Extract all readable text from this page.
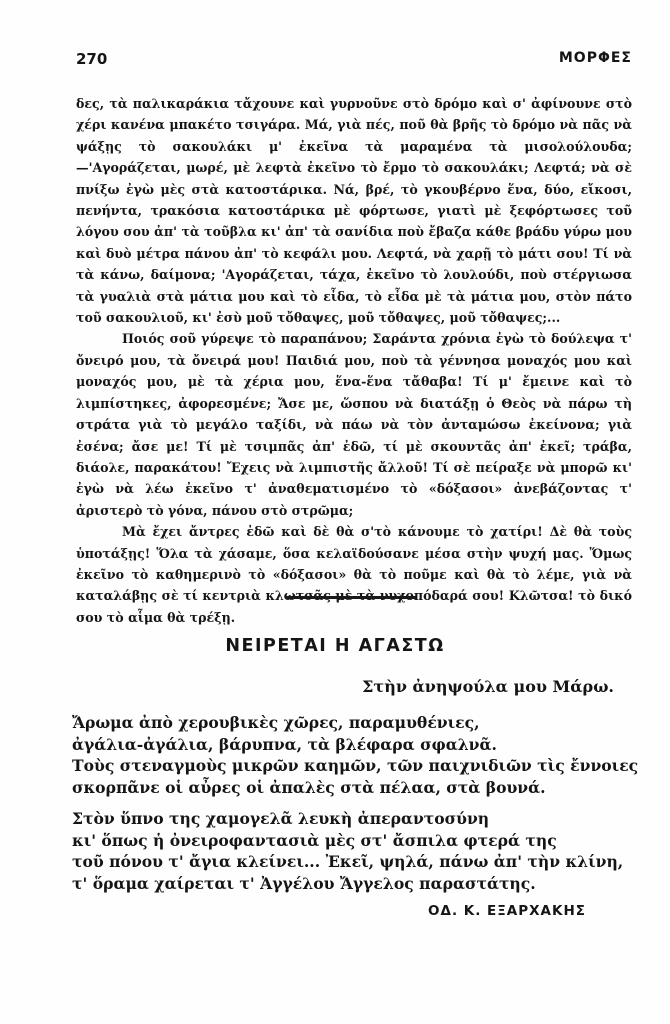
270	ΜΟΡΦΕΣ

δες, τὰ παλικαράκια τἄχουνε καὶ γυρνοῦνε στὸ δρόμο καὶ σ' ἀφίνουνε στὸ χέρι κανένα μπακέτο τσιγάρα. Μά, γιὰ πές, ποῦ θὰ βρῆς τὸ δρόμο νὰ πᾶς νὰ ψάξῃς τὸ σακουλάκι μ' ἐκεῖνα τὰ μαραμένα τὰ μισολούλουδα;—'Αγοράζεται, μωρέ, μὲ λεφτὰ ἐκεῖνο τὸ ἔρμο τὸ σακουλάκι; Λεφτά; νὰ σὲ πνίξω ἐγὼ μὲς στὰ κατοστάρικα. Νά, βρέ, τὸ γκουβέρνο ἕνα, δύο, εἴκοσι, πενήντα, τρακόσια κατοστάρικα μὲ φόρτωσε, γιατὶ μὲ ξεφόρτωσες τοῦ λόγου σου ἀπ' τὰ τοῦβλα κι' ἀπ' τὰ σανίδια ποὺ ἔβαζα κάθε βράδυ γύρω μου καὶ δυὸ μέτρα πάνου ἀπ' τὸ κεφάλι μου. Λεφτά, νὰ χαρῇ τὸ μάτι σου! Τί νὰ τὰ κάνω, δαίμονα; 'Αγοράζεται, τάχα, ἐκεῖνο τὸ λουλούδι, ποὺ στέργιωσα τὰ γυαλιὰ στὰ μάτια μου καὶ τὸ εἶδα, τὸ εἶδα μὲ τὰ μάτια μου, στὸν πάτο τοῦ σακουλιοῦ, κι' ἐσὺ μοῦ τὄθαψες, μοῦ τὄθαψες, μοῦ τὄθαψες;...

Ποιός σοῦ γύρεψε τὸ παραπάνου; Σαράντα χρόνια ἐγὼ τὸ δούλεψα τ' ὄνειρό μου, τὰ ὄνειρά μου! Παιδιά μου, ποὺ τὰ γέννησα μοναχός μου καὶ μοναχός μου, μὲ τὰ χέρια μου, ἕνα-ἕνα τἄθαβα! Τί μ' ἔμεινε καὶ τὸ λιμπίστηκες, ἀφορεσμένε; Ἄσε με, ὥσπου νὰ διατάξῃ ὁ Θεὸς νὰ πάρω τὴ στράτα γιὰ τὸ μεγάλο ταξίδι, νὰ πάω νὰ τὸν ἀνταμώσω ἐκείνονα; γιὰ ἐσένα; ἄσε με! Τί μὲ τσιμπᾶς ἀπ' ἐδῶ, τί μὲ σκουντᾶς ἀπ' ἐκεῖ; τράβα, διάολε, παρακάτου! Ἔχεις νὰ λιμπιστῆς ἄλλοῦ! Τί σὲ πείραξε νὰ μπορῶ κι' ἐγὼ νὰ λέω ἐκεῖνο τ' ἀναθεματισμένο τὸ «δόξασοι» ἀνεβάζοντας τ' ἀριστερὸ τὸ γόνα, πάνου στὸ στρῶμα;

Μὰ ἔχει ἄντρες ἐδῶ καὶ δὲ θὰ σ'τὸ κάνουμε τὸ χατίρι! Δὲ θὰ τοὺς ὑποτάξῃς! Ὅλα τὰ χάσαμε, ὅσα κελαϊδούσανε μέσα στὴν ψυχή μας. Ὅμως ἐκεῖνο τὸ καθημερινὸ τὸ «δόξασοι» θὰ τὸ ποῦμε καὶ θὰ τὸ λέμε, γιὰ νὰ καταλάβῃς σὲ τί κεντριὰ κλωτσᾶς μὲ τὰ νυχοπόδαρά σου! Κλῶτσα! τὸ δικό σου τὸ αἷμα θὰ τρέξῃ.

ΝΕΙΡΕΤΑΙ Η ΑΓΑΣΤΩ
Στὴν ἀνηψούλα μου Μάρω.
Ἄρωμα ἀπὸ χερουβικὲς χῶρες, παραμυθένιες,
ἀγάλια-ἀγάλια, βάρυπνα, τὰ βλέφαρα σφαλνᾶ.
Τοὺς στεναγμοὺς μικρῶν καημῶν, τῶν παιχνιδιῶν τὶς ἔννοιες
σκορπᾶνε οἱ αὖρες οἱ ἀπαλὲς στὰ πέλαα, στὰ βουνά.
Στὸν ὕπνο της χαμογελᾶ λευκὴ ἀπεραντοσύνη
κι' ὅπως ἡ ὀνειροφαντασιὰ μὲς στ' ἄσπιλα φτερά της
τοῦ πόνου τ' ἄγια κλείνει... Ἐκεῖ, ψηλά, πάνω ἀπ' τὴν κλίνη,
τ' ὅραμα χαίρεται τ' Ἀγγέλου Ἄγγελος παραστάτης.
ΟΔ. Κ. ΕΞΑΡΧΑΚΗΣ
